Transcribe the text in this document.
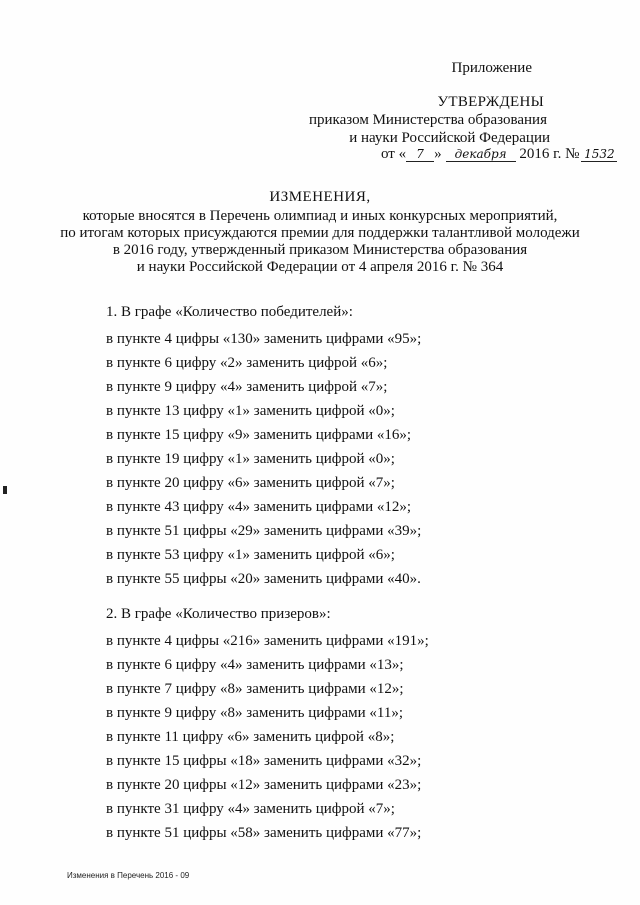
Приложение
УТВЕРЖДЕНЫ
приказом Министерства образования
и науки Российской Федерации
от « 7 » декабря 2016 г. № 1532
ИЗМЕНЕНИЯ,
которые вносятся в Перечень олимпиад и иных конкурсных мероприятий,
по итогам которых присуждаются премии для поддержки талантливой молодежи
в 2016 году, утвержденный приказом Министерства образования
и науки Российской Федерации от 4 апреля 2016 г. № 364
1. В графе «Количество победителей»:
в пункте 4 цифры «130» заменить цифрами «95»;
в пункте 6 цифру «2» заменить цифрой «6»;
в пункте 9 цифру «4» заменить цифрой «7»;
в пункте 13 цифру «1» заменить цифрой «0»;
в пункте 15 цифру «9» заменить цифрами «16»;
в пункте 19 цифру «1» заменить цифрой «0»;
в пункте 20 цифру «6» заменить цифрой «7»;
в пункте 43 цифру «4» заменить цифрами «12»;
в пункте 51 цифры «29» заменить цифрами «39»;
в пункте 53 цифру «1» заменить цифрой «6»;
в пункте 55 цифры «20» заменить цифрами «40».
2. В графе «Количество призеров»:
в пункте 4 цифры «216» заменить цифрами «191»;
в пункте 6 цифру «4» заменить цифрами «13»;
в пункте 7 цифру «8» заменить цифрами «12»;
в пункте 9 цифру «8» заменить цифрами «11»;
в пункте 11 цифру «6» заменить цифрой «8»;
в пункте 15 цифры «18» заменить цифрами «32»;
в пункте 20 цифры «12» заменить цифрами «23»;
в пункте 31 цифру «4» заменить цифрой «7»;
в пункте 51 цифры «58» заменить цифрами «77»;
Изменения в Перечень 2016 - 09
